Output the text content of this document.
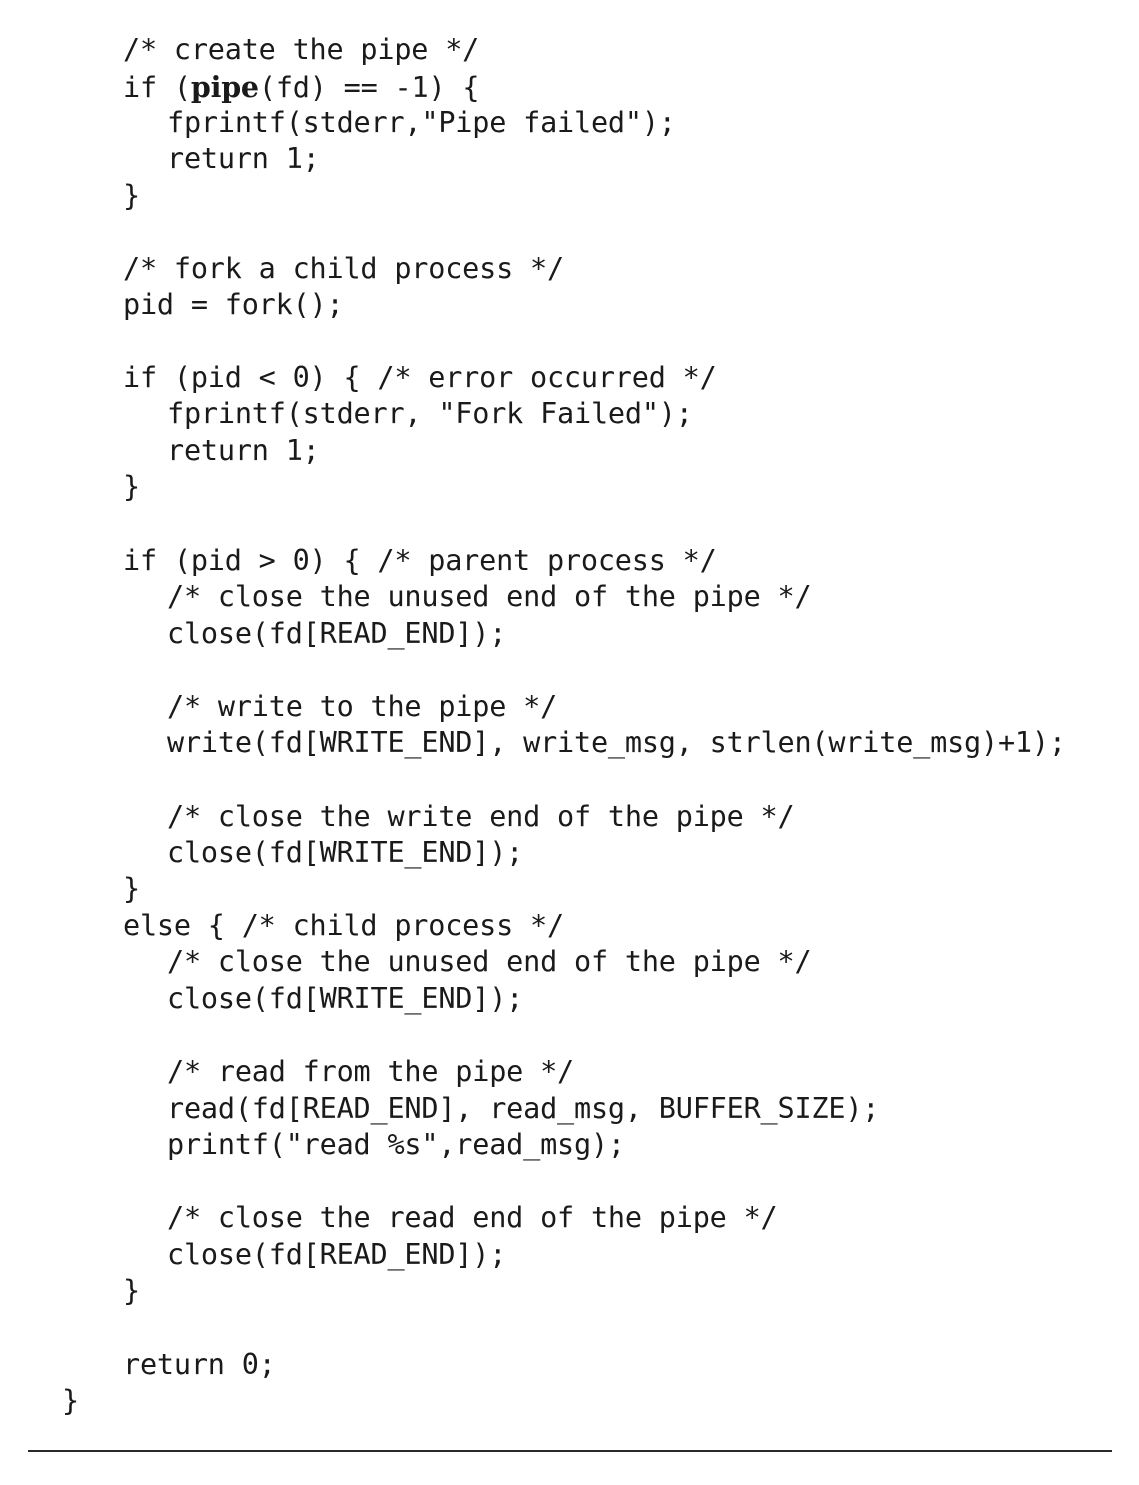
/* create the pipe */
if (pipe(fd) == -1) {
fprintf(stderr,"Pipe failed");
return 1;
}
/* fork a child process */
pid = fork();
if (pid < 0) { /* error occurred */
fprintf(stderr, "Fork Failed");
return 1;
}
if (pid > 0) { /* parent process */
/* close the unused end of the pipe */
close(fd[READ_END]);
/* write to the pipe */
write(fd[WRITE_END], write_msg, strlen(write_msg)+1);
/* close the write end of the pipe */
close(fd[WRITE_END]);
}
else { /* child process */
/* close the unused end of the pipe */
close(fd[WRITE_END]);
/* read from the pipe */
read(fd[READ_END], read_msg, BUFFER_SIZE);
printf("read %s",read_msg);
/* close the read end of the pipe */
close(fd[READ_END]);
}
return 0;
}
